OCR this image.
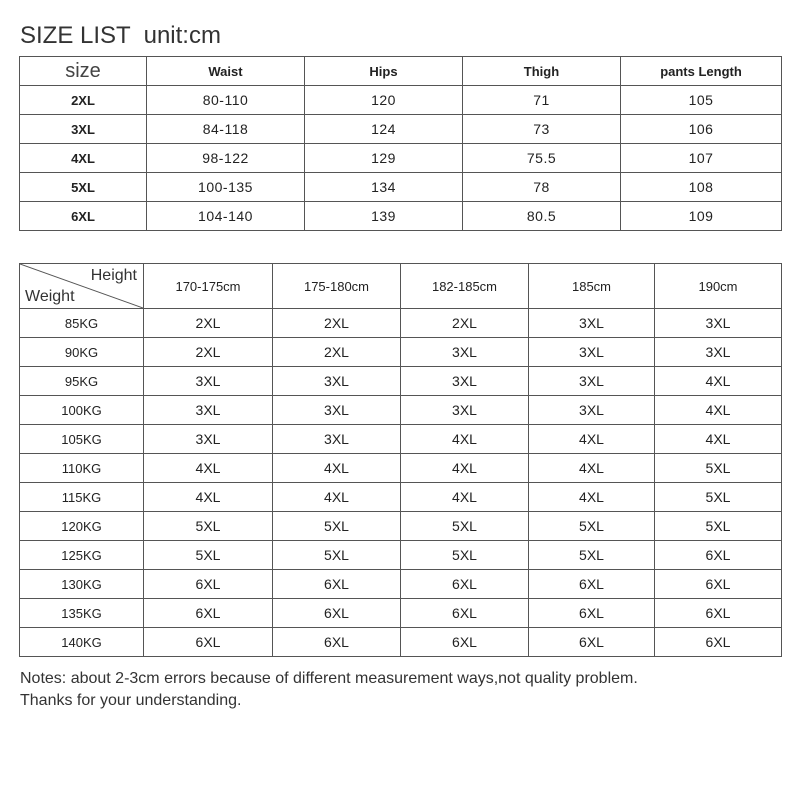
SIZE LIST  unit:cm
size	Waist	Hips	Thigh	pants Length
2XL	80-110	120	71	105
3XL	84-118	124	73	106
4XL	98-122	129	75.5	107
5XL	100-135	134	78	108
6XL	104-140	139	80.5	109
Height
Weight	170-175cm	175-180cm	182-185cm	185cm	190cm
85KG	2XL	2XL	2XL	3XL	3XL
90KG	2XL	2XL	3XL	3XL	3XL
95KG	3XL	3XL	3XL	3XL	4XL
100KG	3XL	3XL	3XL	3XL	4XL
105KG	3XL	3XL	4XL	4XL	4XL
110KG	4XL	4XL	4XL	4XL	5XL
115KG	4XL	4XL	4XL	4XL	5XL
120KG	5XL	5XL	5XL	5XL	5XL
125KG	5XL	5XL	5XL	5XL	6XL
130KG	6XL	6XL	6XL	6XL	6XL
135KG	6XL	6XL	6XL	6XL	6XL
140KG	6XL	6XL	6XL	6XL	6XL
Notes: about 2-3cm errors because of different measurement ways,not quality problem.
Thanks for your understanding.
